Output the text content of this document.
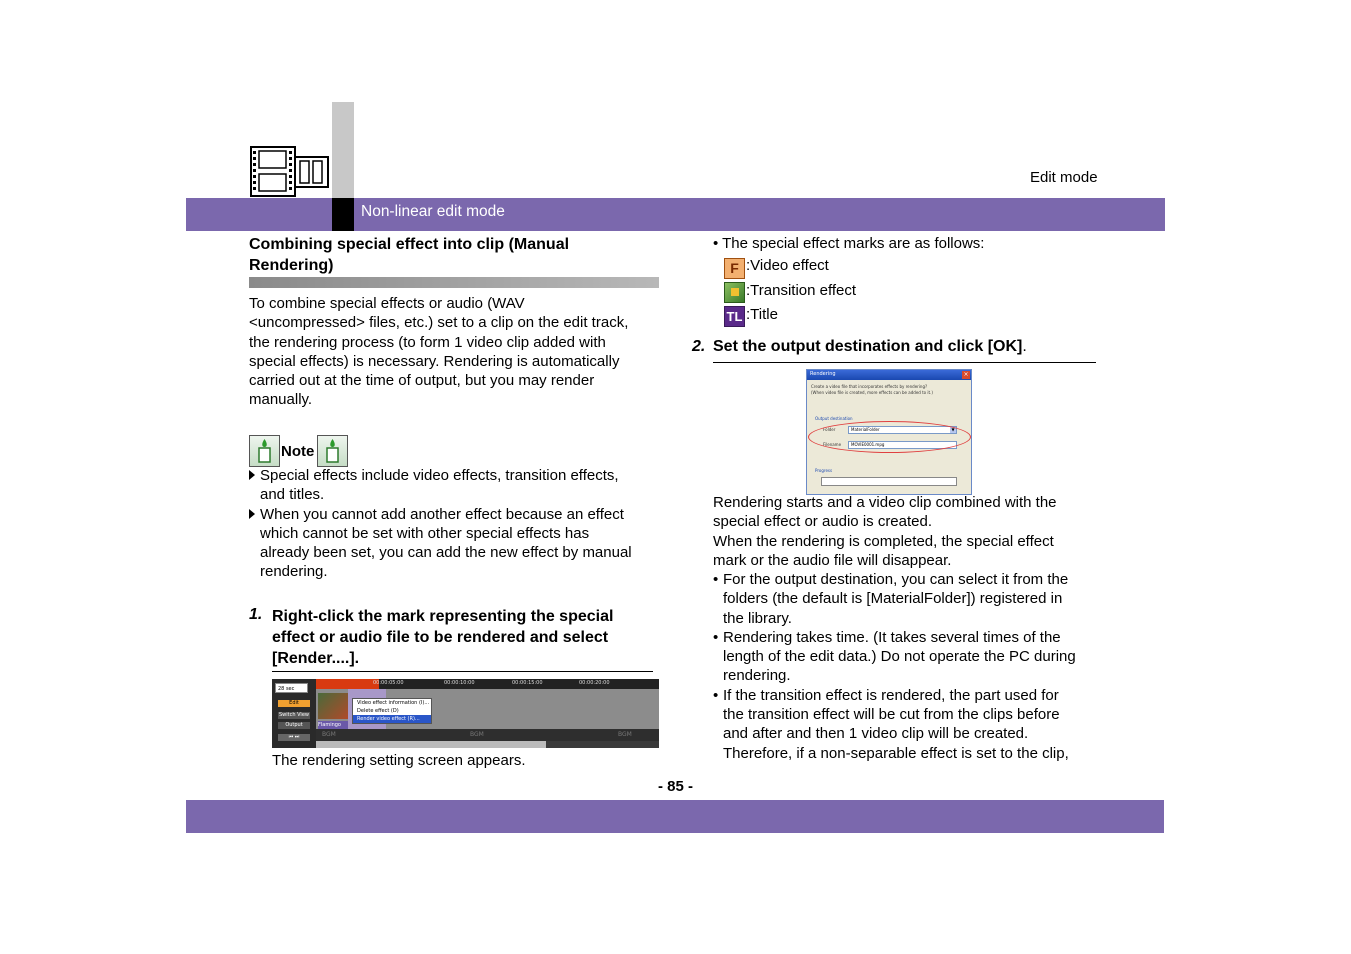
Edit mode
Non-linear edit mode
Combining special effect into clip (Manual
Rendering)
To combine special effects or audio (WAV
<uncompressed> files, etc.) set to a clip on the edit track,
the rendering process (to form 1 video clip added with
special effects) is necessary. Rendering is automatically
carried out at the time of output, but you may render
manually.
Note
Special effects include video effects, transition effects,
and titles.
When you cannot add another effect because an effect
which cannot be set with other special effects has
already been set, you can add the new effect by manual
rendering.
1. Right-click the mark representing the special
effect or audio file to be rendered and select
[Render....].
28 sec
Edit
Switch View
Output
⏮ ⏭
00:00:05:00	00:00:10:00	00:00:15:00	00:00:20:00
Flamingo
Video effect information (I)...
Delete effect (D)
Render video effect (R)...
BGM	BGM	BGM
The rendering setting screen appears.
• The special effect marks are as follows:
F :Video effect
:Transition effect
TL :Title
2. Set the output destination and click [OK].
Rendering	×
Create a video file that incorporates effects by rendering?
(When video file is created, more effects can be added to it.)
Output destination
Folder	MaterialFolder	▼
Filename	MOVIE0001.mpg
Progress
Rendering starts and a video clip combined with the
special effect or audio is created.
When the rendering is completed, the special effect
mark or the audio file will disappear.
• For the output destination, you can select it from the
folders (the default is [MaterialFolder]) registered in
the library.
• Rendering takes time. (It takes several times of the
length of the edit data.) Do not operate the PC during
rendering.
• If the transition effect is rendered, the part used for
the transition effect will be cut from the clips before
and after and then 1 video clip will be created.
Therefore, if a non-separable effect is set to the clip,
- 85 -
